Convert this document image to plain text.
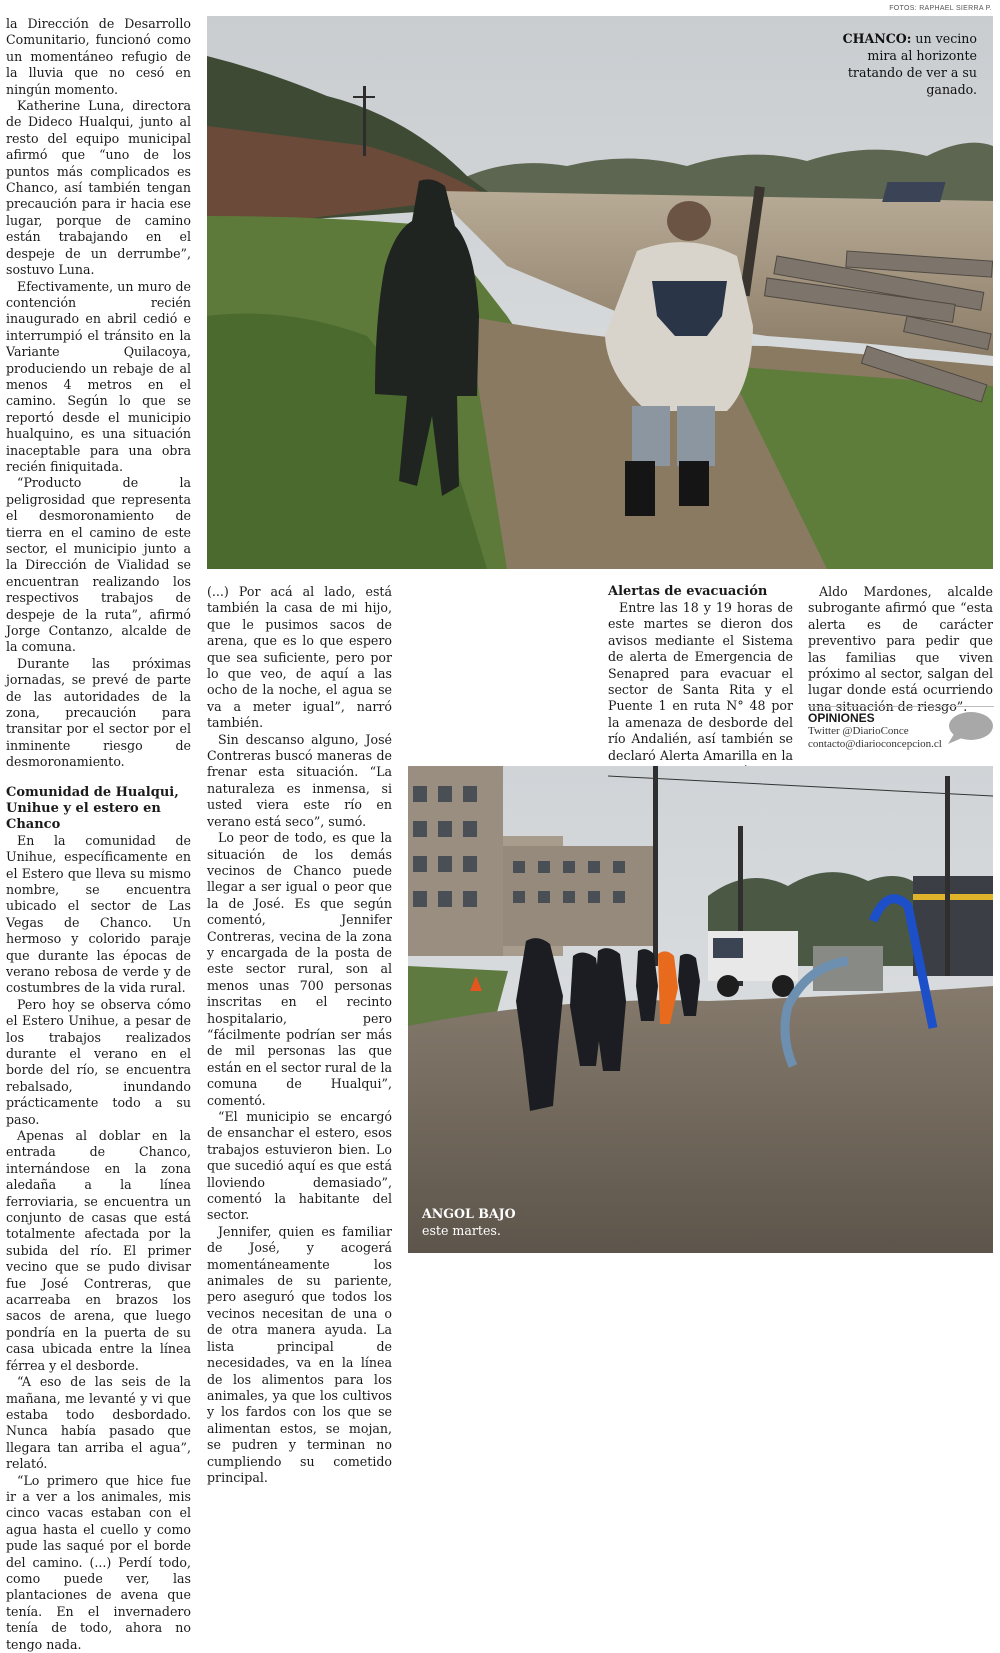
la Dirección de Desarrollo Comunitario, funcionó como un momentáneo refugio de la lluvia que no cesó en ningún momento.

Katherine Luna, directora de Dideco Hualqui, junto al resto del equipo municipal afirmó que “uno de los puntos más complicados es Chanco, así también tengan precaución para ir hacia ese lugar, porque de camino están trabajando en el despeje de un derrumbe”, sostuvo Luna.

Efectivamente, un muro de contención recién inaugurado en abril cedió e interrumpió el tránsito en la Variante Quilacoya, produciendo un rebaje de al menos 4 metros en el camino. Según lo que se reportó desde el municipio hualquino, es una situación inaceptable para una obra recién finiquitada.

“Producto de la peligrosidad que representa el desmoronamiento de tierra en el camino de este sector, el municipio junto a la Dirección de Vialidad se encuentran realizando los respectivos trabajos de despeje de la ruta”, afirmó Jorge Contanzo, alcalde de la comuna.

Durante las próximas jornadas, se prevé de parte de las autoridades de la zona, precaución para transitar por el sector por el inminente riesgo de desmoronamiento.

Comunidad de Hualqui, Unihue y el estero en Chanco

En la comunidad de Unihue, específicamente en el Estero que lleva su mismo nombre, se encuentra ubicado el sector de Las Vegas de Chanco. Un hermoso y colorido paraje que durante las épocas de verano rebosa de verde y de costumbres de la vida rural.

Pero hoy se observa cómo el Estero Unihue, a pesar de los trabajos realizados durante el verano en el borde del río, se encuentra rebalsado, inundando prácticamente todo a su paso.

Apenas al doblar en la entrada de Chanco, internándose en la zona aledaña a la línea ferroviaria, se encuentra un conjunto de casas que está totalmente afectada por la subida del río. El primer vecino que se pudo divisar fue José Contreras, que acarreaba en brazos los sacos de arena, que luego pondría en la puerta de su casa ubicada entre la línea férrea y el desborde.

“A eso de las seis de la mañana, me levanté y vi que estaba todo desbordado. Nunca había pasado que llegara tan arriba el agua”, relató.

“Lo primero que hice fue ir a ver a los animales, mis cinco vacas estaban con el agua hasta el cuello y como pude las saqué por el borde del camino. (...) Perdí todo, como puede ver, las plantaciones de avena que tenía. En el invernadero tenía de todo, ahora no tengo nada.

CHANCO: un vecino
mira al horizonte
tratando de ver a su
ganado.
FOTOS: RAPHAEL SIERRA P.

(...) Por acá al lado, está también la casa de mi hijo, que le pusimos sacos de arena, que es lo que espero que sea suficiente, pero por lo que veo, de aquí a las ocho de la noche, el agua se va a meter igual”, narró también.

Sin descanso alguno, José Contreras buscó maneras de frenar esta situación. “La naturaleza es inmensa, si usted viera este río en verano está seco”, sumó.

Lo peor de todo, es que la situación de los demás vecinos de Chanco puede llegar a ser igual o peor que la de José. Es que según comentó, Jennifer Contreras, vecina de la zona y encargada de la posta de este sector rural, son al menos unas 700 personas inscritas en el recinto hospitalario, pero “fácilmente podrían ser más de mil personas las que están en el sector rural de la comuna de Hualqui”, comentó.

“El municipio se encargó de ensanchar el estero, esos trabajos estuvieron bien. Lo que sucedió aquí es que está lloviendo demasiado”, comentó la habitante del sector.

Jennifer, quien es familiar de José, y acogerá momentáneamente los animales de su pariente, pero aseguró que todos los vecinos necesitan de una o de otra manera ayuda. La lista principal de necesidades, va en la línea de los alimentos para los animales, ya que los cultivos y los fardos con los que se alimentan estos, se mojan, se pudren y terminan no cumpliendo su cometido principal.

Alertas de evacuación

Entre las 18 y 19 horas de este martes se dieron dos avisos mediante el Sistema de alerta de Emergencia de Senapred para evacuar el sector de Santa Rita y el Puente 1 en ruta N° 48 por la amenaza de desborde del río Andalién, así también se declaró Alerta Amarilla en la

Aldo Mardones, alcalde subrogante afirmó que “esta alerta es de carácter preventivo para pedir que las familias que viven próximo al sector, salgan del lugar donde está ocurriendo una situación de riesgo”.

OPINIONES
Twitter @DiarioConce
contacto@diarioconcepcion.cl
ANGOL BAJO
este martes.
